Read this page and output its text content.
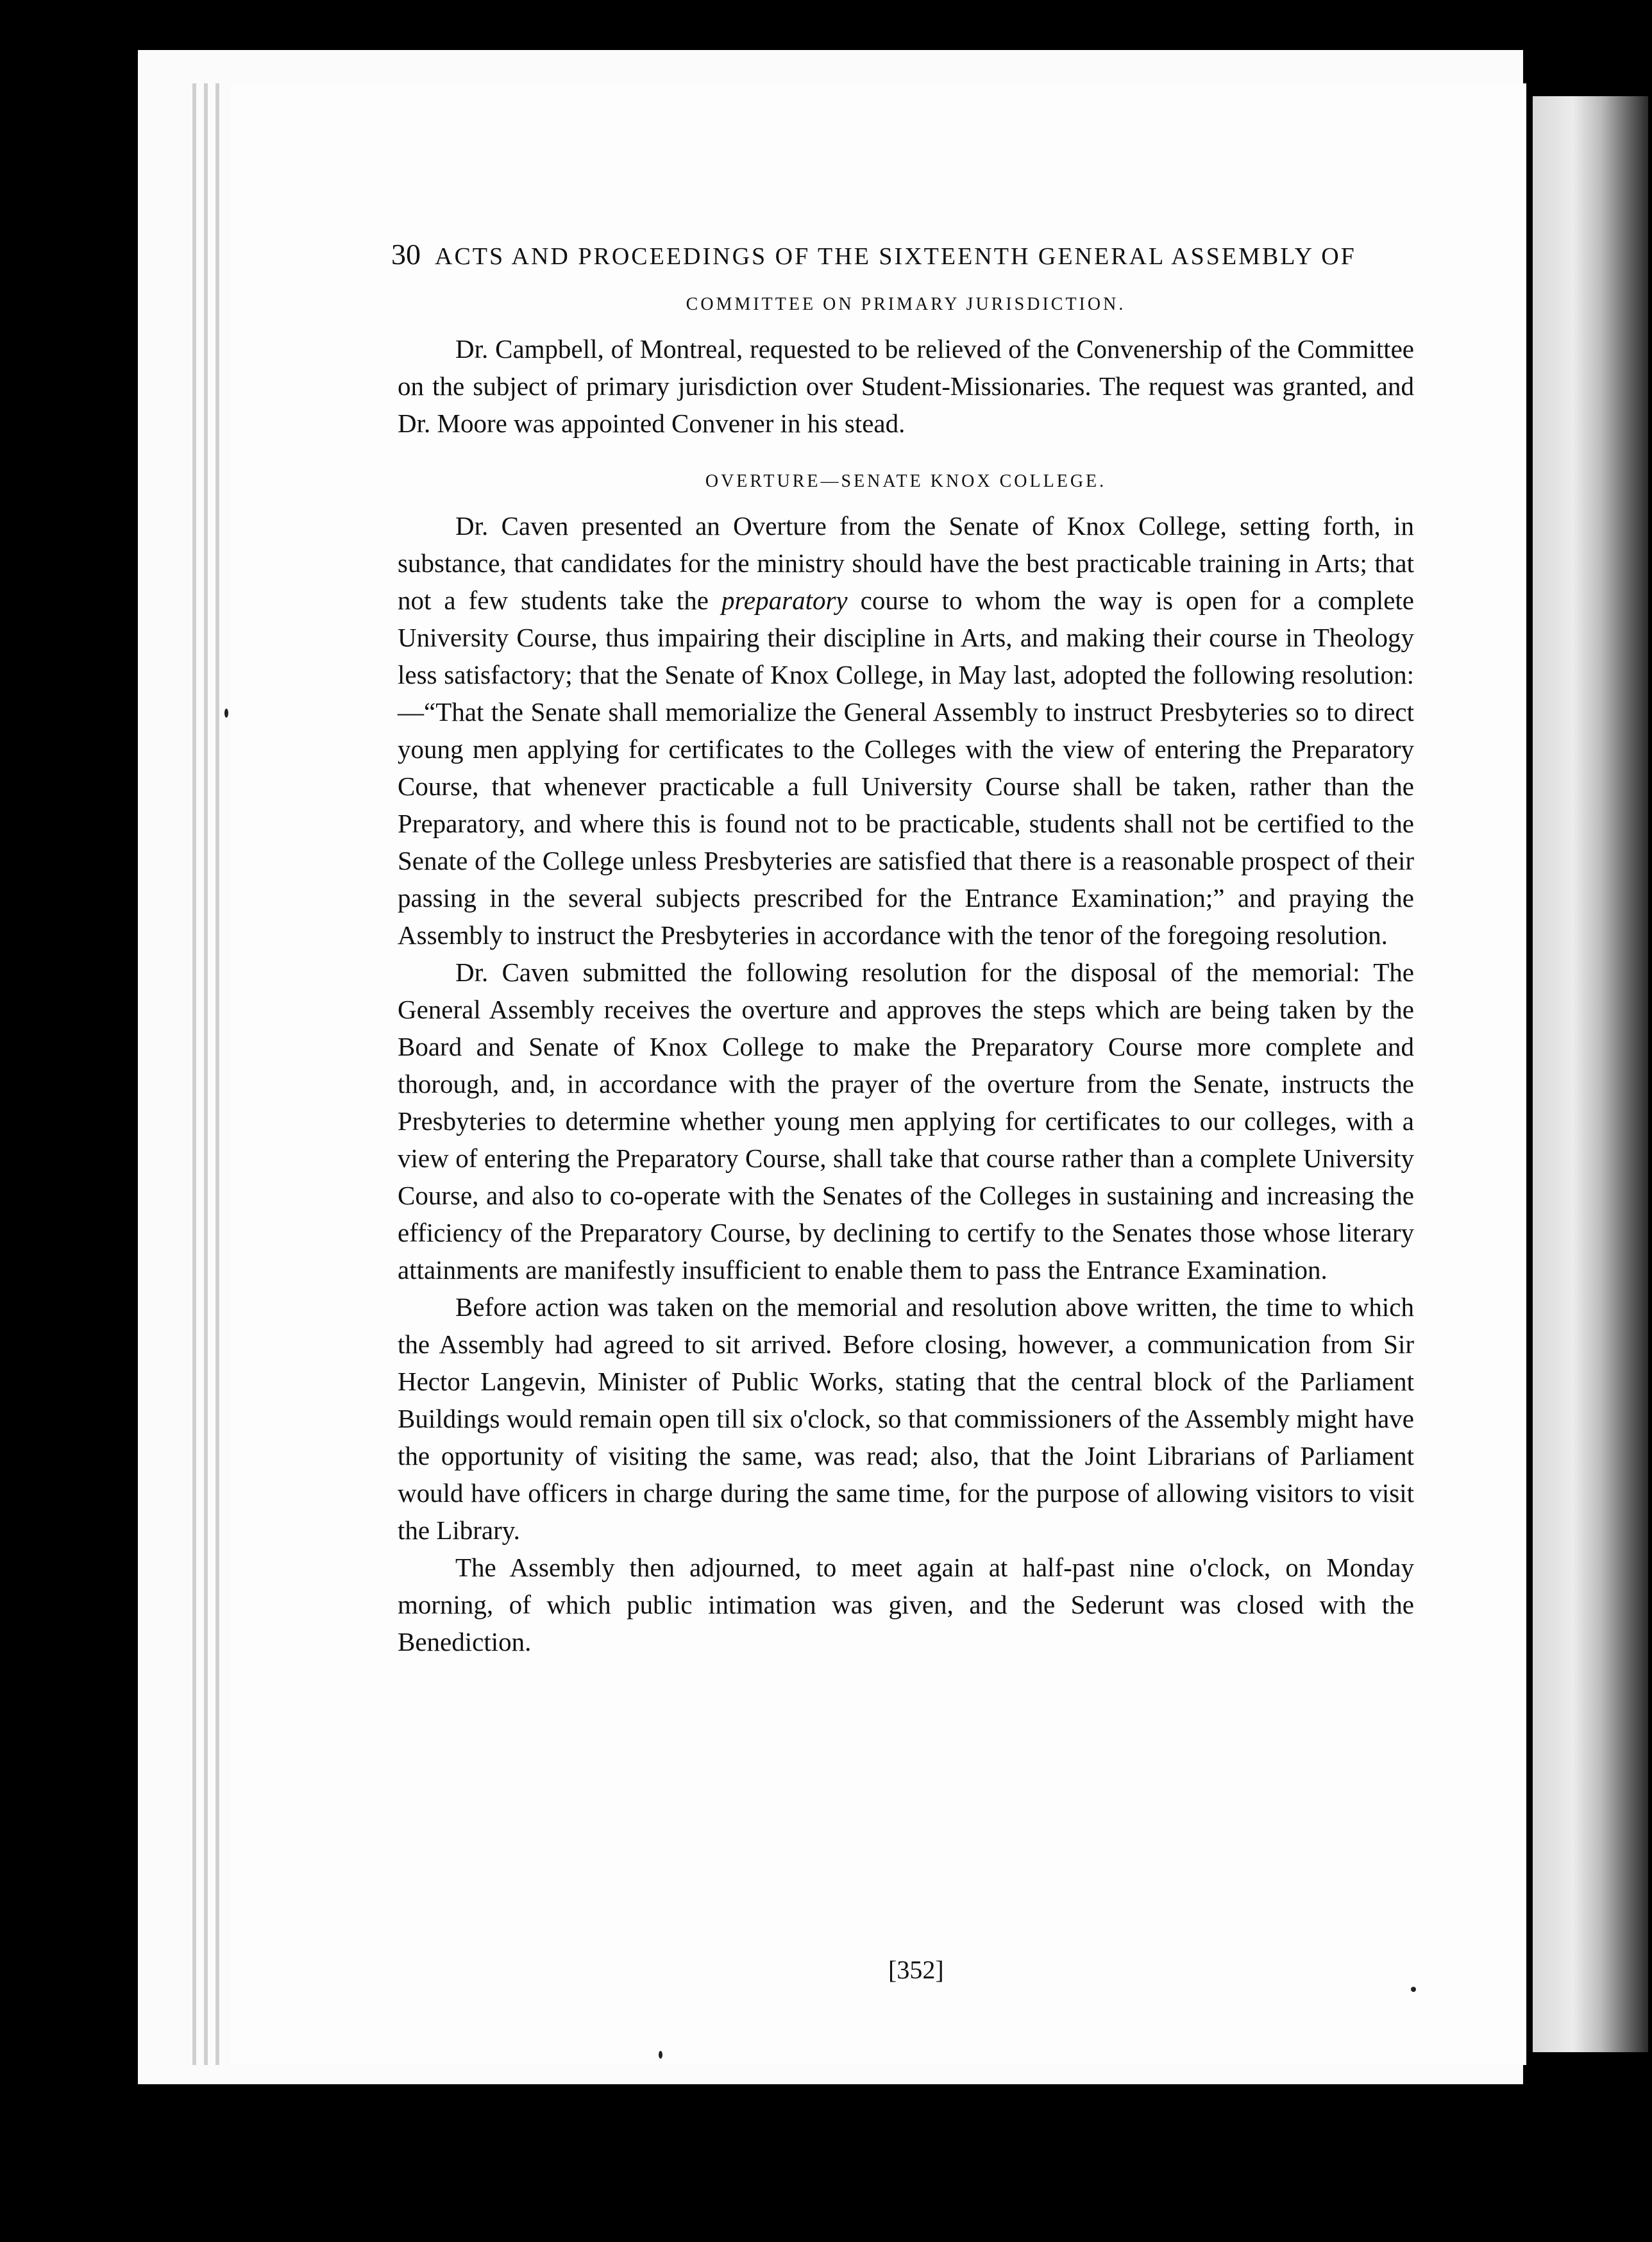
30 ACTS AND PROCEEDINGS OF THE SIXTEENTH GENERAL ASSEMBLY OF
COMMITTEE ON PRIMARY JURISDICTION.

Dr. Campbell, of Montreal, requested to be relieved of the Convenership of the Committee on the subject of primary jurisdiction over Student-Missionaries. The request was granted, and Dr. Moore was appointed Convener in his stead.

OVERTURE—SENATE KNOX COLLEGE.

Dr. Caven presented an Overture from the Senate of Knox College, setting forth, in substance, that candidates for the ministry should have the best practicable training in Arts; that not a few students take the preparatory course to whom the way is open for a complete University Course, thus impairing their discipline in Arts, and making their course in Theology less satisfactory; that the Senate of Knox College, in May last, adopted the following resolution:—“That the Senate shall memorialize the General Assembly to instruct Presbyteries so to direct young men applying for certificates to the Colleges with the view of entering the Preparatory Course, that whenever practicable a full University Course shall be taken, rather than the Preparatory, and where this is found not to be practicable, students shall not be certified to the Senate of the College unless Presbyteries are satisfied that there is a reasonable prospect of their passing in the several subjects prescribed for the Entrance Examination;” and praying the Assembly to instruct the Presbyteries in accordance with the tenor of the foregoing resolution.

Dr. Caven submitted the following resolution for the disposal of the memorial: The General Assembly receives the overture and approves the steps which are being taken by the Board and Senate of Knox College to make the Preparatory Course more complete and thorough, and, in accordance with the prayer of the overture from the Senate, instructs the Presbyteries to determine whether young men applying for certificates to our colleges, with a view of entering the Preparatory Course, shall take that course rather than a complete University Course, and also to co-operate with the Senates of the Colleges in sustaining and increasing the efficiency of the Preparatory Course, by declining to certify to the Senates those whose literary attainments are manifestly insufficient to enable them to pass the Entrance Examination.

Before action was taken on the memorial and resolution above written, the time to which the Assembly had agreed to sit arrived. Before closing, however, a communication from Sir Hector Langevin, Minister of Public Works, stating that the central block of the Parliament Buildings would remain open till six o'clock, so that commissioners of the Assembly might have the opportunity of visiting the same, was read; also, that the Joint Librarians of Parliament would have officers in charge during the same time, for the purpose of allowing visitors to visit the Library.

The Assembly then adjourned, to meet again at half-past nine o'clock, on Monday morning, of which public intimation was given, and the Sederunt was closed with the Benediction.

[352]
